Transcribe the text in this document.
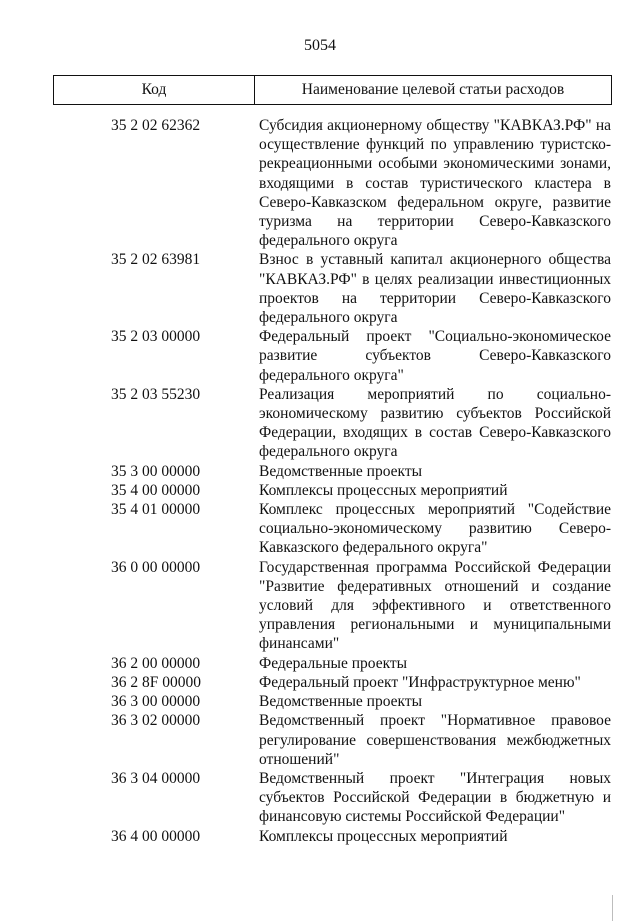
5054
Код	Наименование целевой статьи расходов
35 2 02 62362	Субсидия акционерному обществу "КАВКАЗ.РФ" на осуществление функций по управлению туристско-рекреационными особыми экономическими зонами, входящими в состав туристического кластера в Северо-Кавказском федеральном округе, развитие туризма на территории Северо-Кавказского федерального округа
35 2 02 63981	Взнос в уставный капитал акционерного общества "КАВКАЗ.РФ" в целях реализации инвестиционных проектов на территории Северо-Кавказского федерального округа
35 2 03 00000	Федеральный проект "Социально-экономическое развитие субъектов Северо-Кавказского федерального округа"
35 2 03 55230	Реализация мероприятий по социально-экономическому развитию субъектов Российской Федерации, входящих в состав Северо-Кавказского федерального округа
35 3 00 00000	Ведомственные проекты
35 4 00 00000	Комплексы процессных мероприятий
35 4 01 00000	Комплекс процессных мероприятий "Содействие социально-экономическому развитию Северо-Кавказского федерального округа"
36 0 00 00000	Государственная программа Российской Федерации "Развитие федеративных отношений и создание условий для эффективного и ответственного управления региональными и муниципальными финансами"
36 2 00 00000	Федеральные проекты
36 2 8F 00000	Федеральный проект "Инфраструктурное меню"
36 3 00 00000	Ведомственные проекты
36 3 02 00000	Ведомственный проект "Нормативное правовое регулирование совершенствования межбюджетных отношений"
36 3 04 00000	Ведомственный проект "Интеграция новых субъектов Российской Федерации в бюджетную и финансовую системы Российской Федерации"
36 4 00 00000	Комплексы процессных мероприятий
